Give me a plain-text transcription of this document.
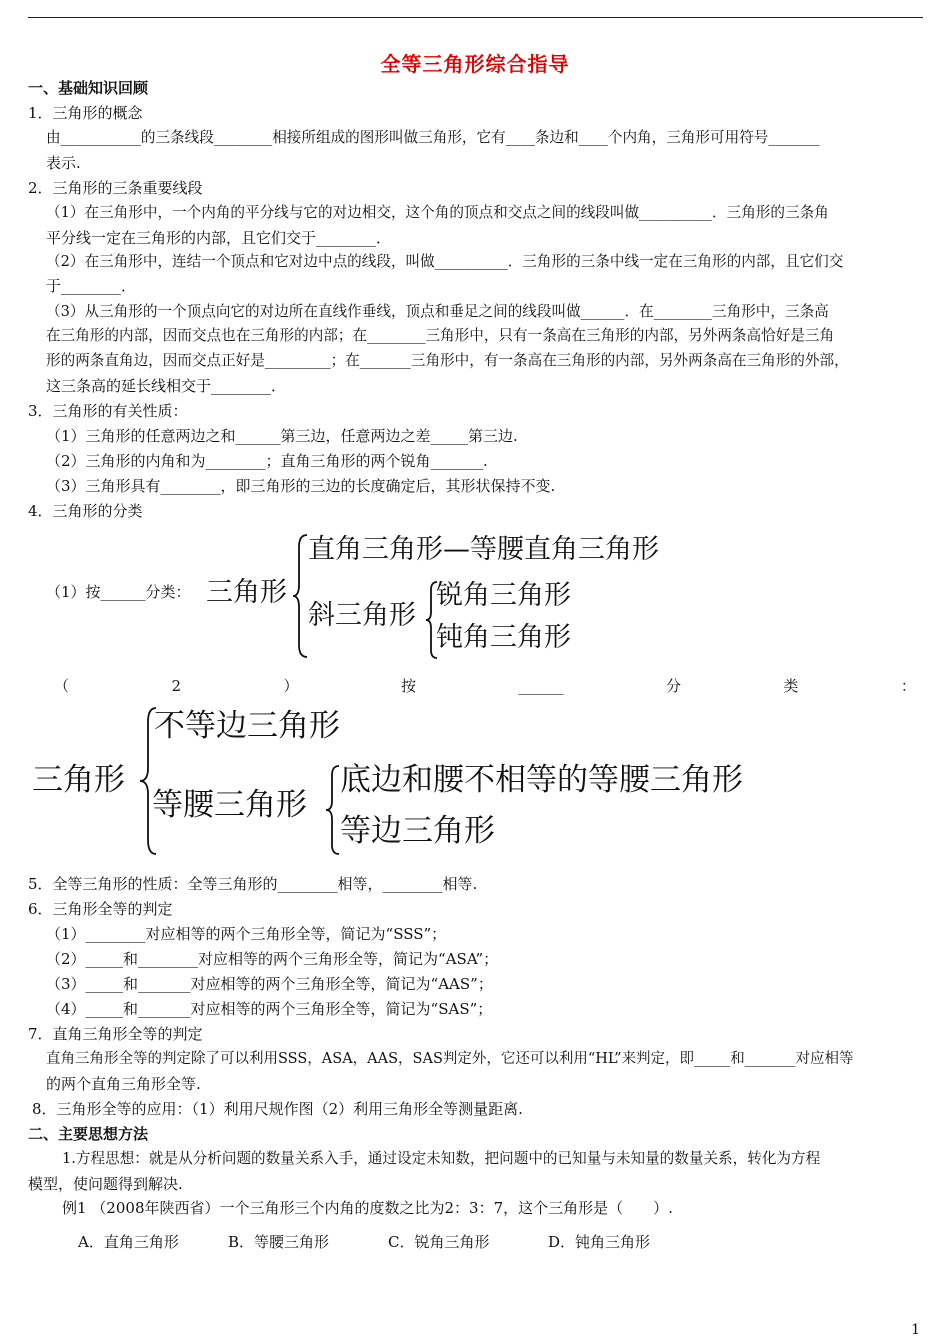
全等三角形综合指导
一、基础知识回顾
1．三角形的概念
由___________的三条线段________相接所组成的图形叫做三角形，它有____条边和____个内角，三角形可用符号_______
表示.
2．三角形的三条重要线段
（1）在三角形中，一个内角的平分线与它的对边相交，这个角的顶点和交点之间的线段叫做__________．三角形的三条角
平分线一定在三角形的内部，且它们交于________．
（2）在三角形中，连结一个顶点和它对边中点的线段，叫做__________．三角形的三条中线一定在三角形的内部，且它们交
于________．
（3）从三角形的一个顶点向它的对边所在直线作垂线，顶点和垂足之间的线段叫做______．在________三角形中，三条高
在三角形的内部，因而交点也在三角形的内部；在________三角形中，只有一条高在三角形的内部，另外两条高恰好是三角
形的两条直角边，因而交点正好是_________；在_______三角形中，有一条高在三角形的内部，另外两条高在三角形的外部，
这三条高的延长线相交于________．
3．三角形的有关性质：
（1）三角形的任意两边之和______第三边，任意两边之差_____第三边.
（2）三角形的内角和为________；直角三角形的两个锐角_______.
（3）三角形具有________，即三角形的三边的长度确定后，其形状保持不变.
4．三角形的分类
（1）按______分类： 三角形
直角三角形—等腰直角三角形
斜三角形
锐角三角形
钝角三角形
（	2	）	按	______	分	类	：
三角形
不等边三角形
等腰三角形
底边和腰不相等的等腰三角形
等边三角形
5．全等三角形的性质：全等三角形的________相等，________相等.
6．三角形全等的判定
（1）________对应相等的两个三角形全等，简记为“SSS”；
（2）_____和________对应相等的两个三角形全等，简记为“ASA”；
（3）_____和_______对应相等的两个三角形全等，简记为“AAS”；
（4）_____和_______对应相等的两个三角形全等，简记为“SAS”；
7．直角三角形全等的判定
直角三角形全等的判定除了可以利用SSS，ASA，AAS，SAS判定外，它还可以利用“HL”来判定，即_____和_______对应相等
的两个直角三角形全等.
8．三角形全等的应用：（1）利用尺规作图（2）利用三角形全等测量距离.
二、主要思想方法
1.方程思想：就是从分析问题的数量关系入手，通过设定未知数，把问题中的已知量与未知量的数量关系，转化为方程
模型，使问题得到解决.
例1 （2008年陕西省）一个三角形三个内角的度数之比为2：3：7，这个三角形是（　　）.
A．直角三角形	B．等腰三角形	C．锐角三角形	D．钝角三角形
1
